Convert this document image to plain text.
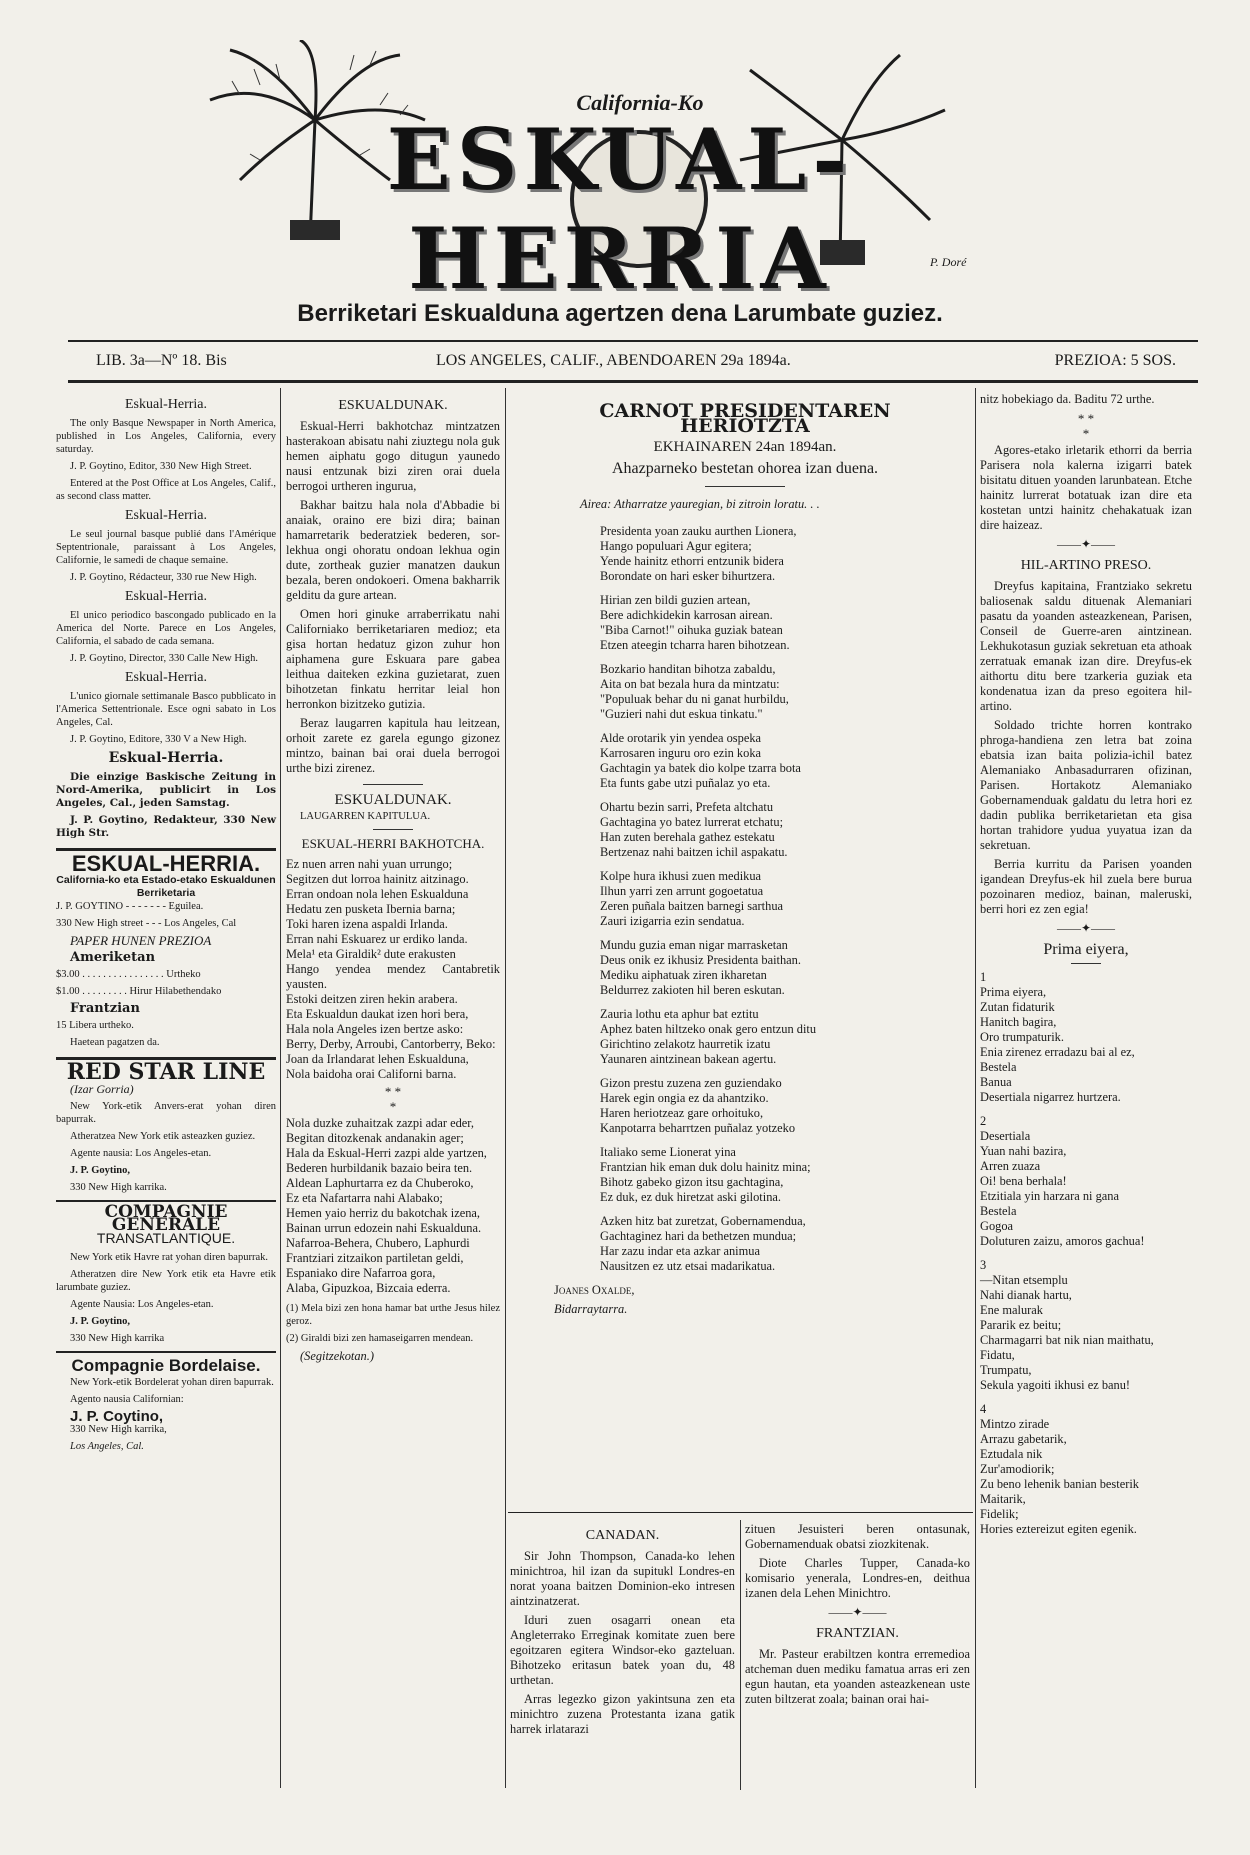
California-Ko
ESKUAL-HERRIA	P. Doré
Berriketari Eskualduna agertzen dena Larumbate guziez.
LIB. 3a—Nº 18. Bis	LOS ANGELES, CALIF., ABENDOAREN 29a 1894a.	PREZIOA: 5 SOS.
Eskual-Herria.

The only Basque Newspaper in North America, published in Los Angeles, California, every saturday.

J. P. Goytino, Editor, 330 New High Street.

Entered at the Post Office at Los Angeles, Calif., as second class matter.

Eskual-Herria.

Le seul journal basque publié dans l'Amérique Septentrionale, paraissant à Los Angeles, Californie, le samedi de chaque semaine.

J. P. Goytino, Rédacteur, 330 rue New High.

Eskual-Herria.

El unico periodico bascongado publicado en la America del Norte. Parece en Los Angeles, California, el sabado de cada semana.

J. P. Goytino, Director, 330 Calle New High.

Eskual-Herria.

L'unico giornale settimanale Basco pubblicato in l'America Settentrionale. Esce ogni sabato in Los Angeles, Cal.

J. P. Goytino, Editore, 330 V a New High.

Eskual-Herria.

Die einzige Baskische Zeitung in Nord-Amerika, publicirt in Los Angeles, Cal., jeden Samstag.

J. P. Goytino, Redakteur, 330 New High Str.

ESKUAL-HERRIA.
California-ko eta Estado-etako Eskualdunen Berriketaria

J. P. GOYTINO - - - - - - - Eguilea.

330 New High street - - - Los Angeles, Cal

PAPER HUNEN PREZIOA

Ameriketan

$3.00 . . . . . . . . . . . . . . . . Urtheko

$1.00 . . . . . . . . . Hirur Hilabethendako

Frantzian

15 Libera urtheko.

Haetean pagatzen da.

RED STAR LINE

(Izar Gorria)

New York-etik Anvers-erat yohan diren bapurrak.

Atheratzea New York etik asteazken guziez.

Agente nausia: Los Angeles-etan.

J. P. Goytino,

330 New High karrika.

COMPAGNIE GENERALE
TRANSATLANTIQUE.

New York etik Havre rat yohan diren bapurrak.

Atheratzen dire New York etik eta Havre etik larumbate guziez.

Agente Nausia: Los Angeles-etan.

J. P. Goytino,

330 New High karrika

Compagnie Bordelaise.

New York-etik Bordelerat yohan diren bapurrak.

Agento nausia Californian:

J. P. Coytino,

330 New High karrika,

Los Angeles, Cal.

ESKUALDUNAK.

Eskual-Herri bakhotchaz mintzatzen hasterakoan abisatu nahi ziuztegu nola guk hemen aiphatu gogo ditugun yaunedo nausi entzunak bizi ziren orai duela berrogoi urtheren ingurua,

Bakhar baitzu hala nola d'Abbadie bi anaiak, oraino ere bizi dira; bainan hamarretarik bederatziek bederen, sor-lekhua ongi ohoratu ondoan lekhua ogin dute, zortheak guzier manatzen daukun bezala, beren ondokoeri. Omena bakharrik gelditu da gure artean.

Omen hori ginuke arraberrikatu nahi Californiako berriketariaren medioz; eta gisa hortan hedatuz gizon zuhur hon aiphamena gure Eskuara pare gabea leithua daiteken ezkina guzietarat, zuen bihotzetan finkatu herritar leial hon herronkon bizitzeko gutizia.

Beraz laugarren kapitula hau leitzean, orhoit zarete ez garela egungo gizonez mintzo, bainan bai orai duela berrogoi urthe bizi zirenez.

ESKUALDUNAK.

LAUGARREN KAPITULUA.

ESKUAL-HERRI BAKHOTCHA.

Ez nuen arren nahi yuan urrungo;

Segitzen dut lorroa hainitz aitzinago.

Erran ondoan nola lehen Eskualduna

Hedatu zen pusketa Ibernia barna;

Toki haren izena aspaldi Irlanda.

Erran nahi Eskuarez ur erdiko landa.

Mela¹ eta Giraldik² dute erakusten

Hango yendea mendez Cantabretik yausten.

Estoki deitzen ziren hekin arabera.

Eta Eskualdun daukat izen hori bera,

Hala nola Angeles izen bertze asko:

Berry, Derby, Arroubi, Cantorberry, Beko:

Joan da Irlandarat lehen Eskualduna,

Nola baidoha orai Californi barna.

* *
*

Nola duzke zuhaitzak zazpi adar eder,

Begitan ditozkenak andanakin ager;

Hala da Eskual-Herri zazpi alde yartzen,

Bederen hurbildanik bazaio beira ten.

Aldean Laphurtarra ez da Chuberoko,

Ez eta Nafartarra nahi Alabako;

Hemen yaio herriz du bakotchak izena,

Bainan urrun edozein nahi Eskualduna.

Nafarroa-Behera, Chubero, Laphurdi

Frantziari zitzaikon partiletan geldi,

Espaniako dire Nafarroa gora,

Alaba, Gipuzkoa, Bizcaia ederra.

(1) Mela bizi zen hona hamar bat urthe Jesus hilez geroz.

(2) Giraldi bizi zen hamaseigarren mendean.

(Segitzekotan.)

CARNOT PRESIDENTAREN HERIOTZTA
EKHAINAREN 24an 1894an.
Ahazparneko bestetan ohorea izan duena.

Airea: Atharratze yauregian, bi zitroin loratu. . .

Presidenta yoan zauku aurthen Lionera,

Hango populuari Agur egitera;

Yende hainitz ethorri entzunik bidera

Borondate on hari esker bihurtzera.

Hirian zen bildi guzien artean,

Bere adichkidekin karrosan airean.

"Biba Carnot!" oihuka guziak batean

Etzen ateegin tcharra haren bihotzean.

Bozkario handitan bihotza zabaldu,

Aita on bat bezala hura da mintzatu:

"Populuak behar du ni ganat hurbildu,

"Guzieri nahi dut eskua tinkatu."

Alde orotarik yin yendea ospeka

Karrosaren inguru oro ezin koka

Gachtagin ya batek dio kolpe tzarra bota

Eta funts gabe utzi puñalaz yo eta.

Ohartu bezin sarri, Prefeta altchatu

Gachtagina yo batez lurrerat etchatu;

Han zuten berehala gathez estekatu

Bertzenaz nahi baitzen ichil aspakatu.

Kolpe hura ikhusi zuen medikua

Ilhun yarri zen arrunt gogoetatua

Zeren puñala baitzen barnegi sarthua

Zauri izigarria ezin sendatua.

Mundu guzia eman nigar marrasketan

Deus onik ez ikhusiz Presidenta baithan.

Mediku aiphatuak ziren ikharetan

Beldurrez zakioten hil beren eskutan.

Zauria lothu eta aphur bat eztitu

Aphez baten hiltzeko onak gero entzun ditu

Girichtino zelakotz haurretik izatu

Yaunaren aintzinean bakean agertu.

Gizon prestu zuzena zen guziendako

Harek egin ongia ez da ahantziko.

Haren heriotzeaz gare orhoituko,

Kanpotarra beharrtzen puñalaz yotzeko

Italiako seme Lionerat yina

Frantzian hik eman duk dolu hainitz mina;

Bihotz gabeko gizon itsu gachtagina,

Ez duk, ez duk hiretzat aski gilotina.

Azken hitz bat zuretzat, Gobernamendua,

Gachtaginez hari da bethetzen mundua;

Har zazu indar eta azkar animua

Nausitzen ez utz etsai madarikatua.

Joanes Oxalde,

Bidarraytarra.

CANADAN.

Sir John Thompson, Canada-ko lehen minichtroa, hil izan da supitukl Londres-en norat yoana baitzen Dominion-eko intresen aintzinatzerat.

Iduri zuen osagarri onean eta Angleterrako Erreginak komitate zuen bere egoitzaren egitera Windsor-eko gazteluan. Bihotzeko eritasun batek yoan du, 48 urthetan.

Arras legezko gizon yakintsuna zen eta minichtro zuzena Protestanta izana gatik harrek irlatarazi

zituen Jesuisteri beren ontasunak, Gobernamenduak obatsi ziozkitenak.

Diote Charles Tupper, Canada-ko komisario yenerala, Londres-en, deithua izanen dela Lehen Minichtro.

——✦——
FRANTZIAN.

Mr. Pasteur erabiltzen kontra erremedioa atcheman duen mediku famatua arras eri zen egun hautan, eta yoanden asteazkenean uste zuten biltzerat zoala; bainan orai hai-

nitz hobekiago da. Baditu 72 urthe.

* *
*

Agores-etako irletarik ethorri da berria Parisera nola kalerna izigarri batek bisitatu dituen yoanden larunbatean. Etche hainitz lurrerat botatuak izan dire eta kostetan untzi hainitz chehakatuak izan dire haizeaz.

——✦——
HIL-ARTINO PRESO.

Dreyfus kapitaina, Frantziako sekretu baliosenak saldu dituenak Alemaniari pasatu da yoanden asteazkenean, Parisen, Conseil de Guerre-aren aintzinean. Lekhukotasun guziak sekretuan eta athoak zerratuak emanak izan dire. Dreyfus-ek aithortu ditu bere tzarkeria guziak eta kondenatua izan da preso egoitera hil-artino.

Soldado trichte horren kontrako phroga-handiena zen letra bat zoina ebatsia izan baita polizia-ichil batez Alemaniako Anbasadurraren ofizinan, Parisen. Hortakotz Alemaniako Gobernamenduak galdatu du letra hori ez dadin publika berriketarietan eta gisa hortan trahidore yudua yuyatua izan da sekretuan.

Berria kurritu da Parisen yoanden igandean Dreyfus-ek hil zuela bere burua pozoinaren medioz, bainan, maleruski, berri hori ez zen egia!

——✦——
Prima eiyera,

1

Prima eiyera,

Zutan fidaturik

Hanitch bagira,

Oro trumpaturik.

Enia zirenez erradazu bai al ez,

Bestela

Banua

Desertiala nigarrez hurtzera.

2

Desertiala

Yuan nahi bazira,

Arren zuaza

Oi! bena berhala!

Etzitiala yin harzara ni gana

Bestela

Gogoa

Doluturen zaizu, amoros gachua!

3

—Nitan etsemplu

Nahi dianak hartu,

Ene malurak

Pararik ez beitu;

Charmagarri bat nik nian maithatu,

Fidatu,

Trumpatu,

Sekula yagoiti ikhusi ez banu!

4

Mintzo zirade

Arrazu gabetarik,

Eztudala nik

Zur'amodiorik;

Zu beno lehenik banian besterik

Maitarik,

Fidelik;

Hories eztereizut egiten egenik.
